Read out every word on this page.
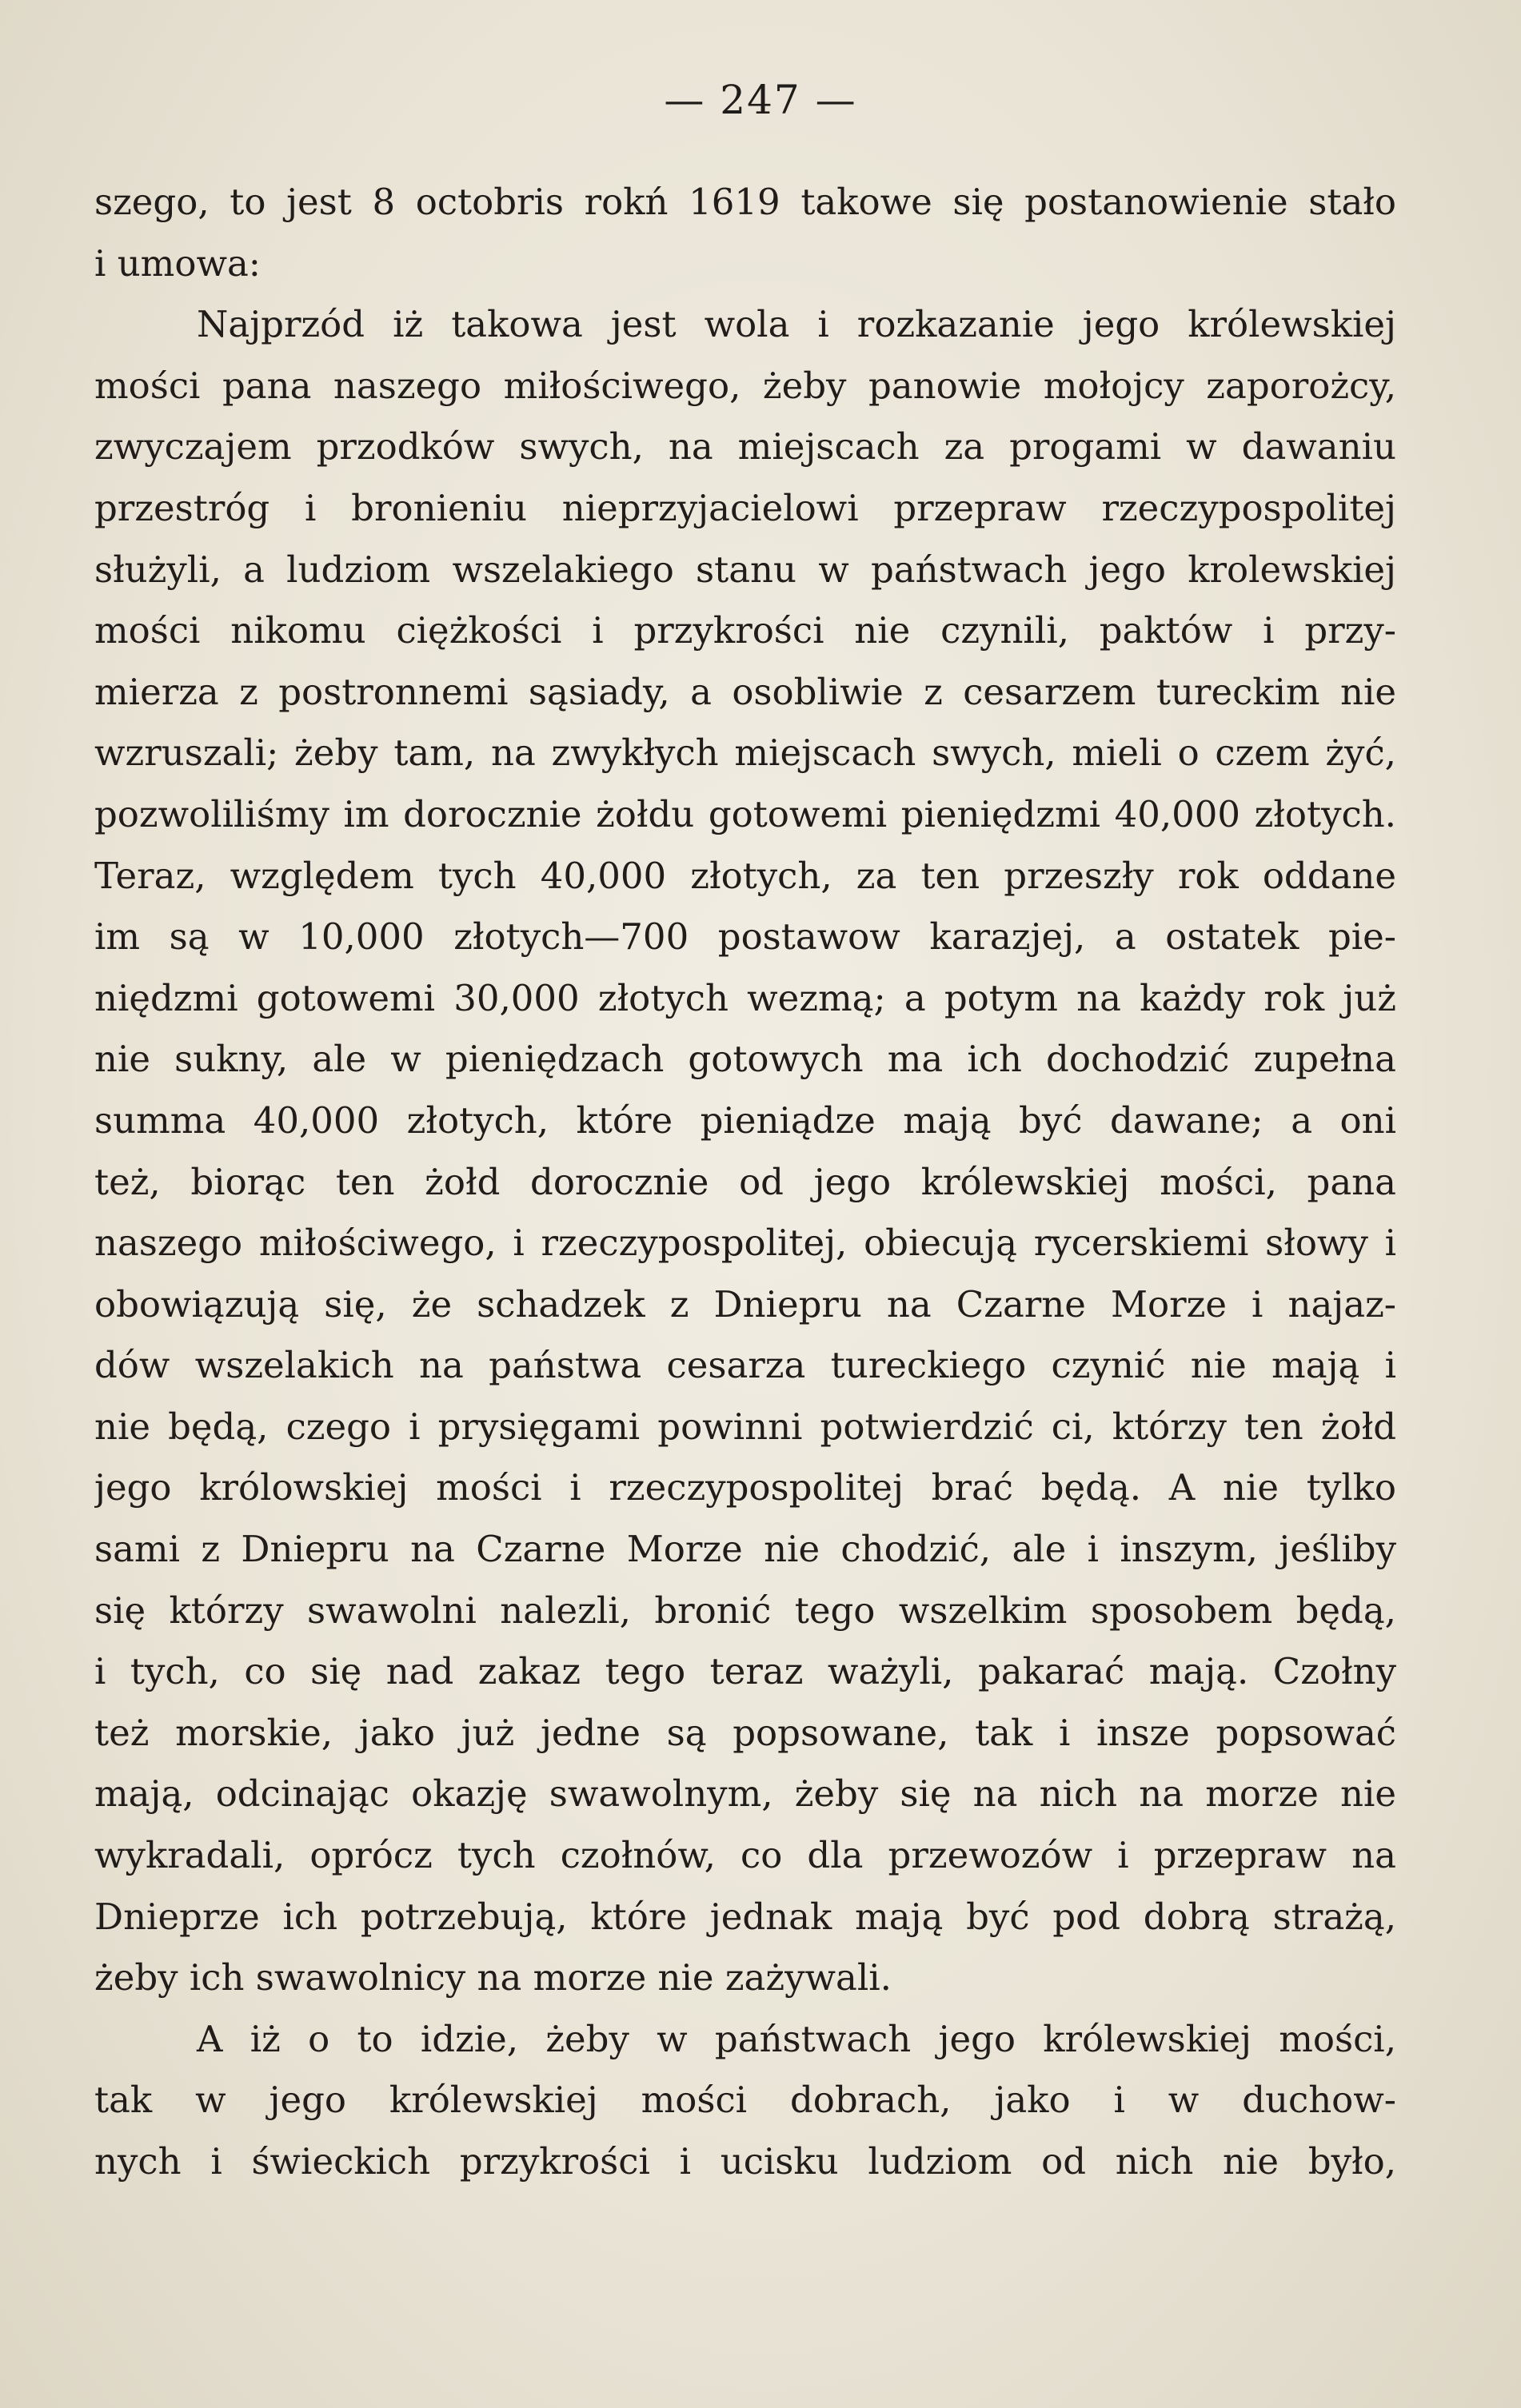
— 247 —
szego, to jest 8 octobris rokń 1619 takowe się postanowienie stało
i umowa:
Najprzód iż takowa jest wola i rozkazanie jego królewskiej
mości pana naszego miłościwego, żeby panowie mołojcy zaporożcy,
zwyczajem przodków swych, na miejscach za progami w dawaniu
przestróg i bronieniu nieprzyjacielowi przepraw rzeczypospolitej
służyli, a ludziom wszelakiego stanu w państwach jego krolewskiej
mości nikomu ciężkości i przykrości nie czynili, paktów i przy-
mierza z postronnemi sąsiady, a osobliwie z cesarzem tureckim nie
wzruszali; żeby tam, na zwykłych miejscach swych, mieli o czem żyć,
pozwoliliśmy im dorocznie żołdu gotowemi pieniędzmi 40,000 złotych.
Teraz, względem tych 40,000 złotych, za ten przeszły rok oddane
im są w 10,000 złotych—700 postawow karazjej, a ostatek pie-
niędzmi gotowemi 30,000 złotych wezmą; a potym na każdy rok już
nie sukny, ale w pieniędzach gotowych ma ich dochodzić zupełna
summa 40,000 złotych, które pieniądze mają być dawane; a oni
też, biorąc ten żołd dorocznie od jego królewskiej mości, pana
naszego miłościwego, i rzeczypospolitej, obiecują rycerskiemi słowy i
obowiązują się, że schadzek z Dniepru na Czarne Morze i najaz-
dów wszelakich na państwa cesarza tureckiego czynić nie mają i
nie będą, czego i prysięgami powinni potwierdzić ci, którzy ten żołd
jego królowskiej mości i rzeczypospolitej brać będą. A nie tylko
sami z Dniepru na Czarne Morze nie chodzić, ale i inszym, jeśliby
się którzy swawolni nalezli, bronić tego wszelkim sposobem będą,
i tych, co się nad zakaz tego teraz ważyli, pakarać mają. Czołny
też morskie, jako już jedne są popsowane, tak i insze popsować
mają, odcinając okazję swawolnym, żeby się na nich na morze nie
wykradali, oprócz tych czołnów, co dla przewozów i przepraw na
Dnieprze ich potrzebują, które jednak mają być pod dobrą strażą,
żeby ich swawolnicy na morze nie zażywali.
A iż o to idzie, żeby w państwach jego królewskiej mości,
tak w jego królewskiej mości dobrach, jako i w duchow-
nych i świeckich przykrości i ucisku ludziom od nich nie było,
